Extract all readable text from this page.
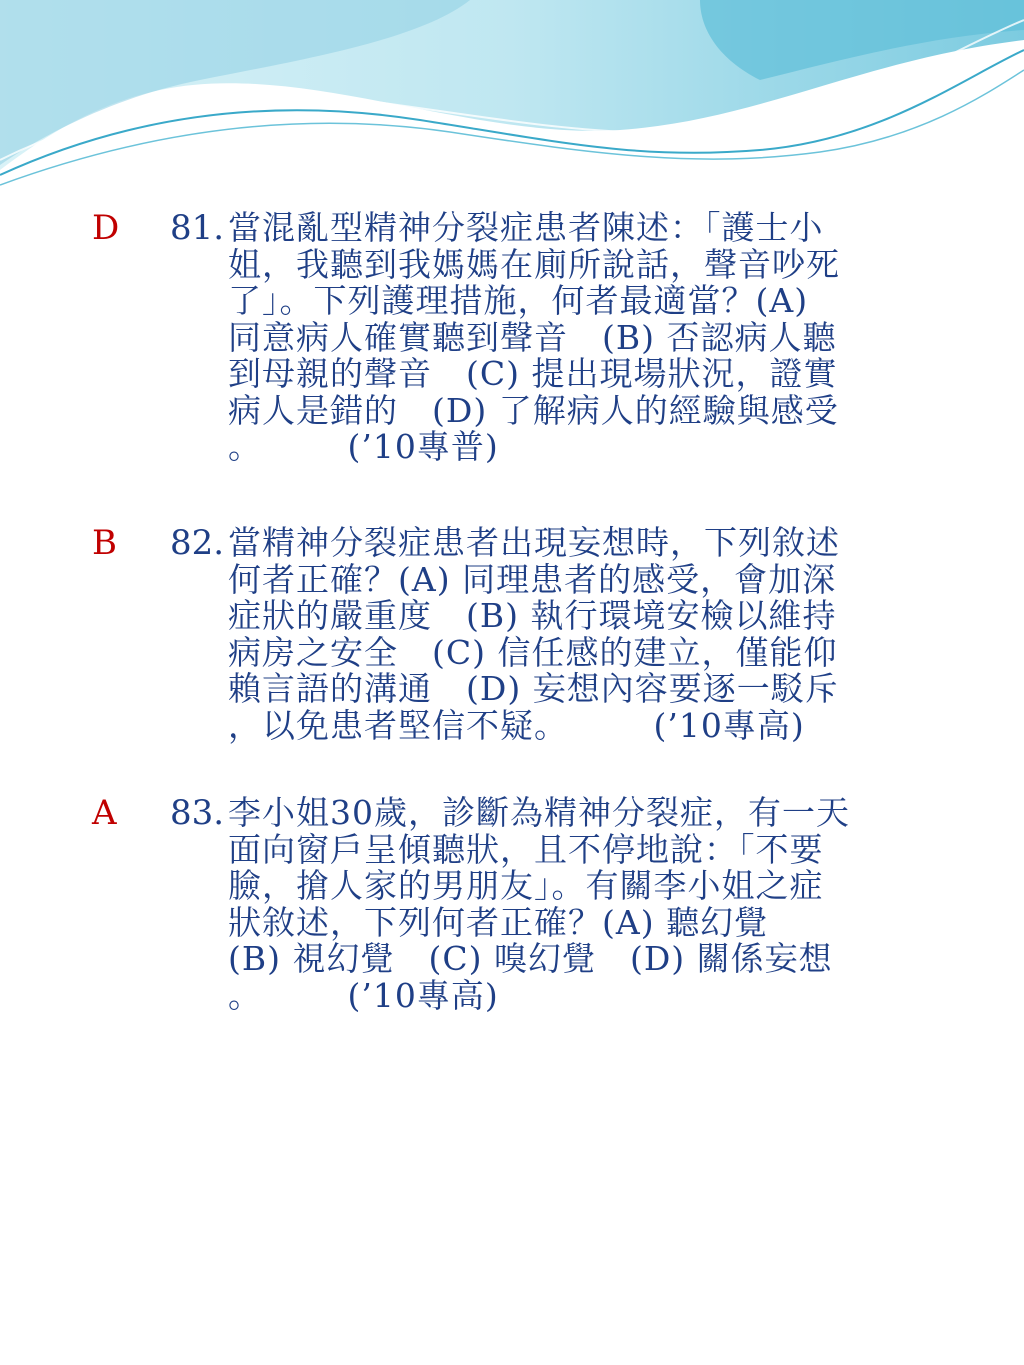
D 81. 當混亂型精神分裂症患者陳述：「護士小
姐，我聽到我媽媽在廁所說話，聲音吵死
了」。下列護理措施，何者最適當？(A)
同意病人確實聽到聲音　(B) 否認病人聽
到母親的聲音　(C) 提出現場狀況，證實
病人是錯的　(D) 了解病人的經驗與感受
。　　　(’10專普)
B 82. 當精神分裂症患者出現妄想時，下列敘述
何者正確？(A) 同理患者的感受，會加深
症狀的嚴重度　(B) 執行環境安檢以維持
病房之安全　(C) 信任感的建立，僅能仰
賴言語的溝通　(D) 妄想內容要逐一駁斥
，以免患者堅信不疑。　　　(’10專高)
A 83. 李小姐30歲，診斷為精神分裂症，有一天
面向窗戶呈傾聽狀，且不停地說：「不要
臉，搶人家的男朋友」。有關李小姐之症
狀敘述，下列何者正確？(A) 聽幻覺
(B) 視幻覺　(C) 嗅幻覺　(D) 關係妄想
。　　　(’10專高)
